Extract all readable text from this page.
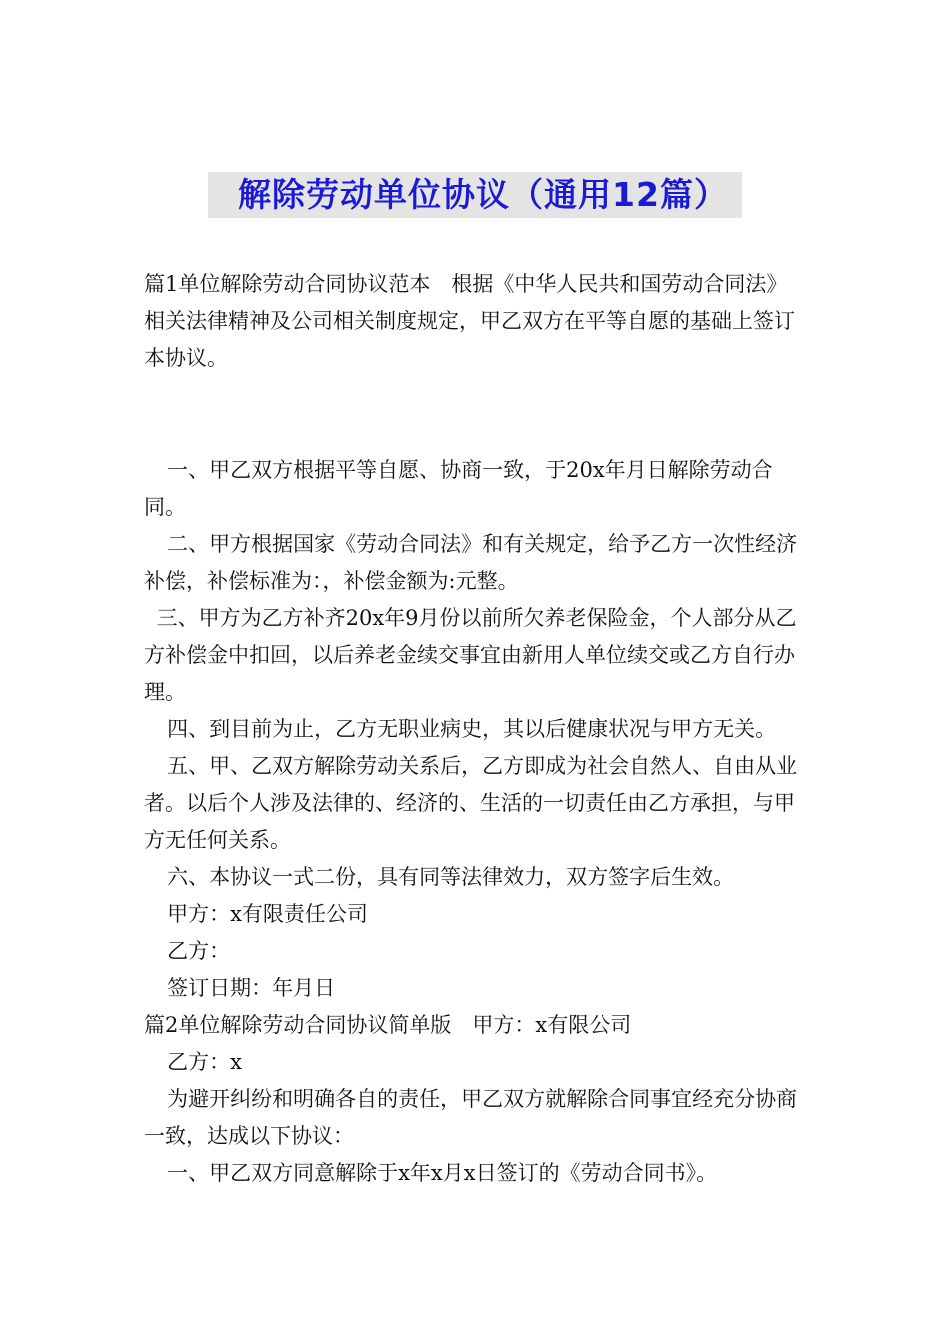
解除劳动单位协议（通用12篇）

篇1单位解除劳动合同协议范本　根据《中华人民共和国劳动合同法》相关法律精神及公司相关制度规定，甲乙双方在平等自愿的基础上签订本协议。

一、甲乙双方根据平等自愿、协商一致，于20x年月日解除劳动合同。

二、甲方根据国家《劳动合同法》和有关规定，给予乙方一次性经济补偿，补偿标准为：，补偿金额为:元整。

三、甲方为乙方补齐20x年9月份以前所欠养老保险金，个人部分从乙方补偿金中扣回，以后养老金续交事宜由新用人单位续交或乙方自行办理。

四、到目前为止，乙方无职业病史，其以后健康状况与甲方无关。

五、甲、乙双方解除劳动关系后，乙方即成为社会自然人、自由从业者。以后个人涉及法律的、经济的、生活的一切责任由乙方承担，与甲方无任何关系。

六、本协议一式二份，具有同等法律效力，双方签字后生效。

甲方：x有限责任公司

乙方：

签订日期：年月日

篇2单位解除劳动合同协议简单版　甲方：x有限公司

乙方：x

为避开纠纷和明确各自的责任，甲乙双方就解除合同事宜经充分协商一致，达成以下协议：

一、甲乙双方同意解除于x年x月x日签订的《劳动合同书》。
